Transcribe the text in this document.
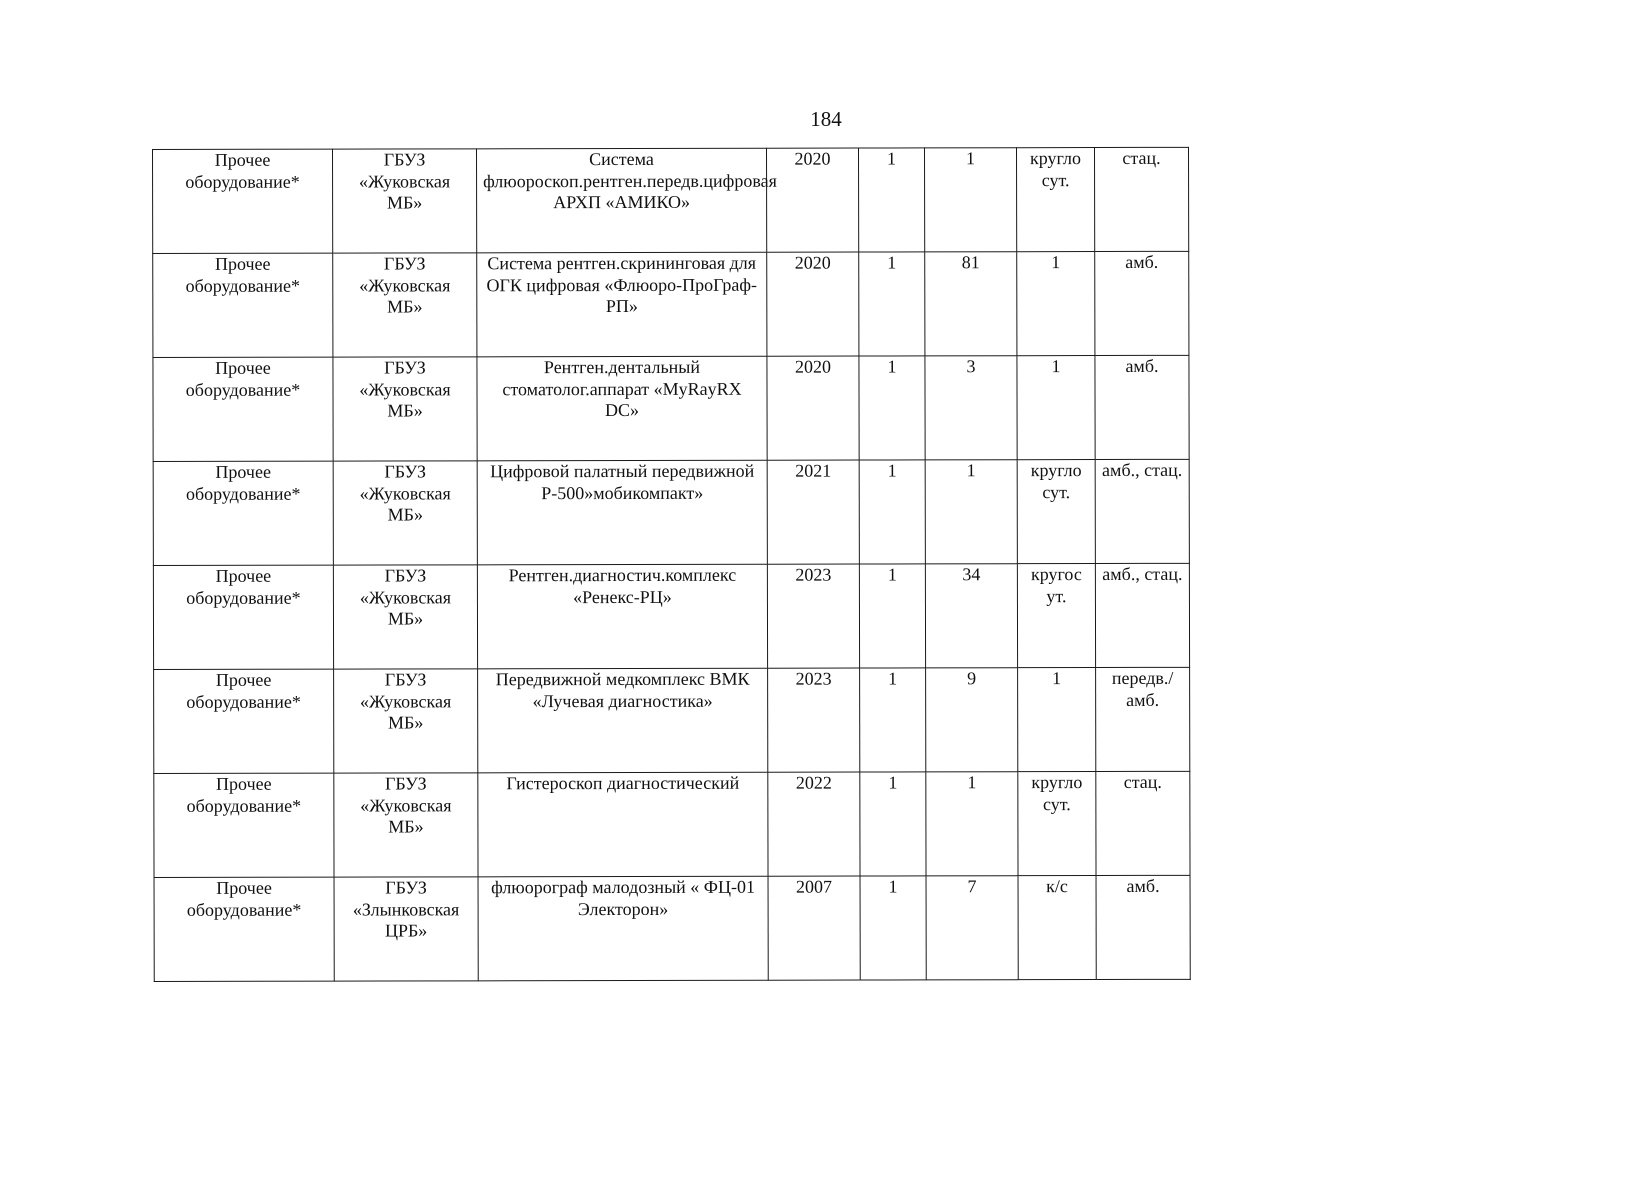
184
Прочее оборудование*	ГБУЗ «Жуковская МБ»	Система флюороскоп.рентген.передв.цифровая АРХП «АМИКО»	2020	1	1	кругло сут.	стац.

Прочее оборудование*	ГБУЗ «Жуковская МБ»	Система рентген.скрининговая для ОГК цифровая «Флюоро-ПроГраф-РП»	2020	1	81	1	амб.

Прочее оборудование*	ГБУЗ «Жуковская МБ»	Рентген.дентальный стоматолог.аппарат «MyRayRX DC»	2020	1	3	1	амб.

Прочее оборудование*	ГБУЗ «Жуковская МБ»	Цифровой палатный передвижной Р-500»мобикомпакт»	2021	1	1	кругло сут.	амб., стац.

Прочее оборудование*	ГБУЗ «Жуковская МБ»	Рентген.диагностич.комплекс «Ренекс-РЦ»	2023	1	34	кругос ут.	амб., стац.

Прочее оборудование*	ГБУЗ «Жуковская МБ»	Передвижной медкомплекс ВМК «Лучевая диагностика»	2023	1	9	1	передв./ амб.

Прочее оборудование*	ГБУЗ «Жуковская МБ»	Гистероскоп диагностический	2022	1	1	кругло сут.	стац.

Прочее оборудование*	ГБУЗ «Злынковская ЦРБ»	флюорограф малодозный « ФЦ-01 Электорон»	2007	1	7	к/с	амб.
